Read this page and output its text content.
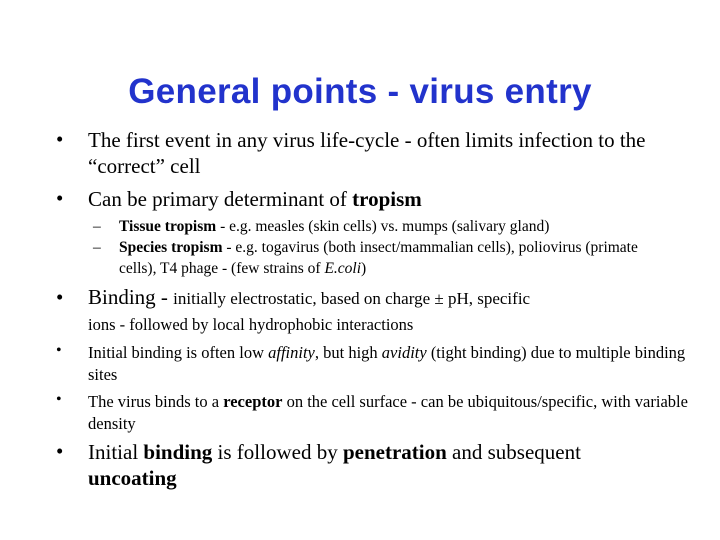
General points - virus entry
• The first event in any virus life-cycle - often limits infection to the “correct” cell
• Can be primary determinant of tropism
– Tissue tropism - e.g. measles (skin cells) vs. mumps (salivary gland)
– Species tropism - e.g. togavirus (both insect/mammalian cells), poliovirus (primate cells), T4 phage - (few strains of E.coli)
• Binding - initially electrostatic, based on charge ± pH, specific
ions - followed by local hydrophobic interactions
• Initial binding is often low affinity, but high avidity (tight binding) due to multiple binding sites
• The virus binds to a receptor on the cell surface - can be ubiquitous/specific, with variable density
• Initial binding is followed by penetration and subsequent uncoating
